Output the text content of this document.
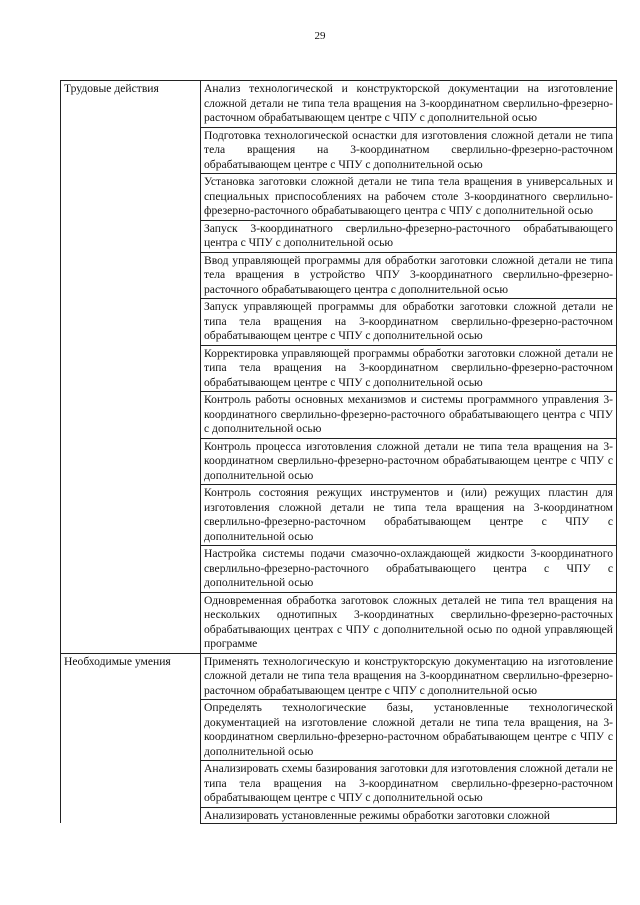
29
Трудовые действия	Анализ технологической и конструкторской документации на изготовление сложной детали не типа тела вращения на 3-координатном сверлильно-фрезерно-расточном обрабатывающем центре с ЧПУ с дополнительной осью
	Подготовка технологической оснастки для изготовления сложной детали не типа тела вращения на 3-координатном сверлильно-фрезерно-расточном обрабатывающем центре с ЧПУ с дополнительной осью
	Установка заготовки сложной детали не типа тела вращения в универсальных и специальных приспособлениях на рабочем столе 3-координатного сверлильно-фрезерно-расточного обрабатывающего центра с ЧПУ с дополнительной осью
	Запуск 3-координатного сверлильно-фрезерно-расточного обрабатывающего центра с ЧПУ с дополнительной осью
	Ввод управляющей программы для обработки заготовки сложной детали не типа тела вращения в устройство ЧПУ 3-координатного сверлильно-фрезерно-расточного обрабатывающего центра с дополнительной осью
	Запуск управляющей программы для обработки заготовки сложной детали не типа тела вращения на 3-координатном сверлильно-фрезерно-расточном обрабатывающем центре с ЧПУ с дополнительной осью
	Корректировка управляющей программы обработки заготовки сложной детали не типа тела вращения на 3-координатном сверлильно-фрезерно-расточном обрабатывающем центре с ЧПУ с дополнительной осью
	Контроль работы основных механизмов и системы программного управления 3-координатного сверлильно-фрезерно-расточного обрабатывающего центра с ЧПУ с дополнительной осью
	Контроль процесса изготовления сложной детали не типа тела вращения на 3-координатном сверлильно-фрезерно-расточном обрабатывающем центре с ЧПУ с дополнительной осью
	Контроль состояния режущих инструментов и (или) режущих пластин для изготовления сложной детали не типа тела вращения на 3-координатном сверлильно-фрезерно-расточном обрабатывающем центре с ЧПУ с дополнительной осью
	Настройка системы подачи смазочно-охлаждающей жидкости 3-координатного сверлильно-фрезерно-расточного обрабатывающего центра с ЧПУ с дополнительной осью
	Одновременная обработка заготовок сложных деталей не типа тел вращения на нескольких однотипных 3-координатных сверлильно-фрезерно-расточных обрабатывающих центрах с ЧПУ с дополнительной осью по одной управляющей программе
Необходимые умения	Применять технологическую и конструкторскую документацию на изготовление сложной детали не типа тела вращения на 3-координатном сверлильно-фрезерно-расточном обрабатывающем центре с ЧПУ с дополнительной осью
	Определять технологические базы, установленные технологической документацией на изготовление сложной детали не типа тела вращения, на 3-координатном сверлильно-фрезерно-расточном обрабатывающем центре с ЧПУ с дополнительной осью
	Анализировать схемы базирования заготовки для изготовления сложной детали не типа тела вращения на 3-координатном сверлильно-фрезерно-расточном обрабатывающем центре с ЧПУ с дополнительной осью

	Анализировать установленные режимы обработки заготовки сложной
